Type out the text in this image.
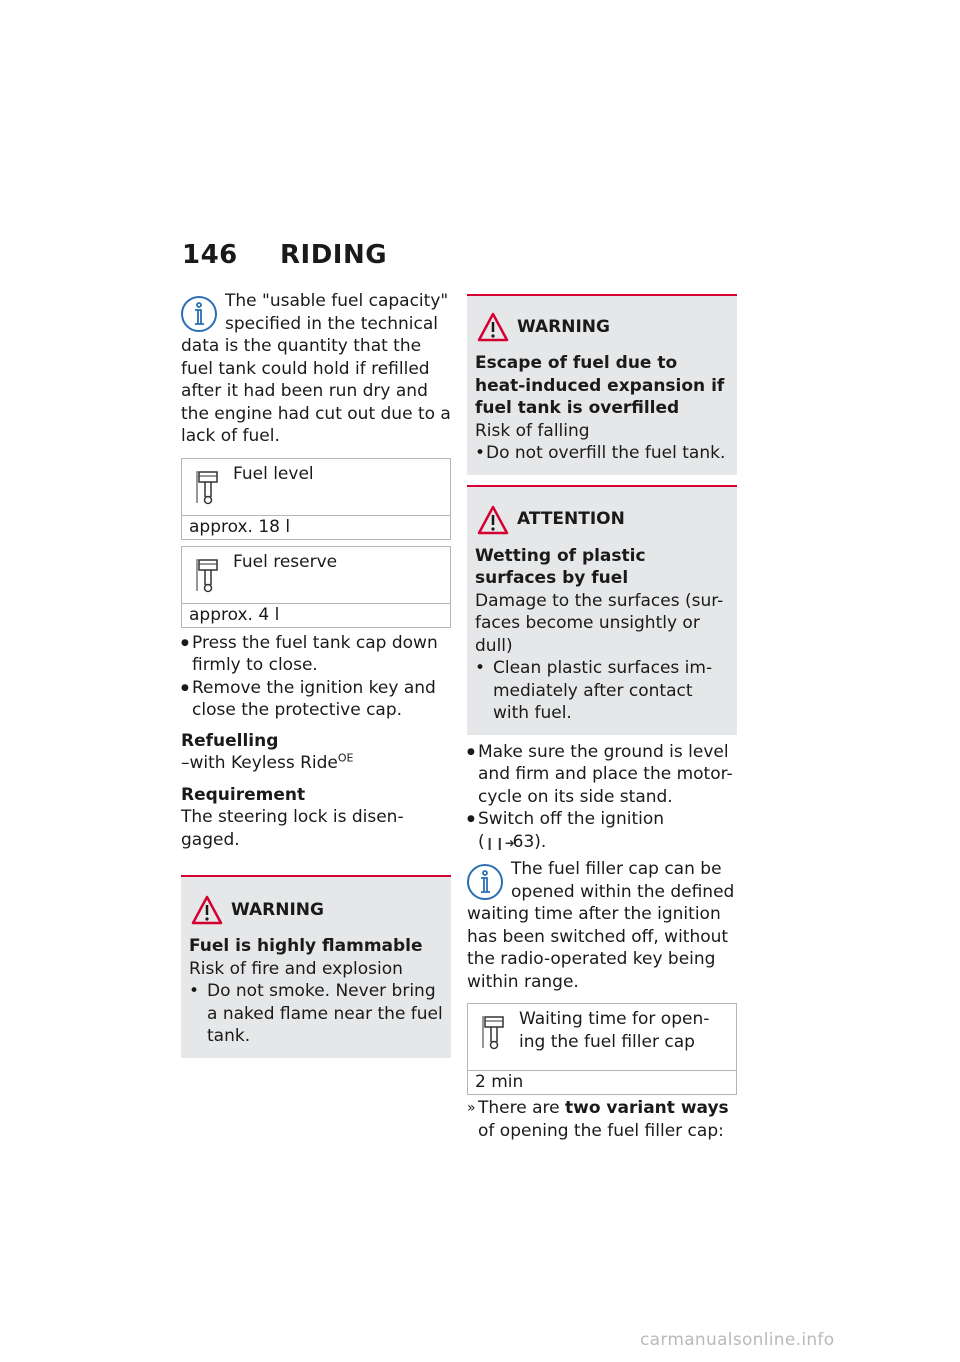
146 RIDING

The "usable fuel capacity" specified in the technical data is the quantity that the fuel tank could hold if refilled after it had been run dry and the engine had cut out due to a lack of fuel.

Fuel level
approx. 18 l
Fuel reserve
approx. 4 l
● Press the fuel tank cap down firmly to close.
● Remove the ignition key and close the protective cap.

Refuelling

–with Keyless Ride$^{OE}$

Requirement

The steering lock is disen- gaged.

WARNING

Fuel is highly flammable

Risk of fire and explosion

• Do not smoke. Never bring a naked flame near the fuel tank.
WARNING

Escape of fuel due to heat-induced expansion if fuel tank is overfilled

Risk of falling

• Do not overfill the fuel tank.
ATTENTION

Wetting of plastic surfaces by fuel

Damage to the surfaces (sur- faces become unsightly or dull)

• Clean plastic surfaces im- mediately after contact with fuel.
● Make sure the ground is level and firm and place the motor- cycle on its side stand.
● Switch off the ignition
(❙❙➜63).

The fuel filler cap can be opened within the defined waiting time after the ignition has been switched off, without the radio-operated key being within range.

Waiting time for open- ing the fuel filler cap
2 min
» There are two variant ways of opening the fuel filler cap:
carmanualsonline.info
